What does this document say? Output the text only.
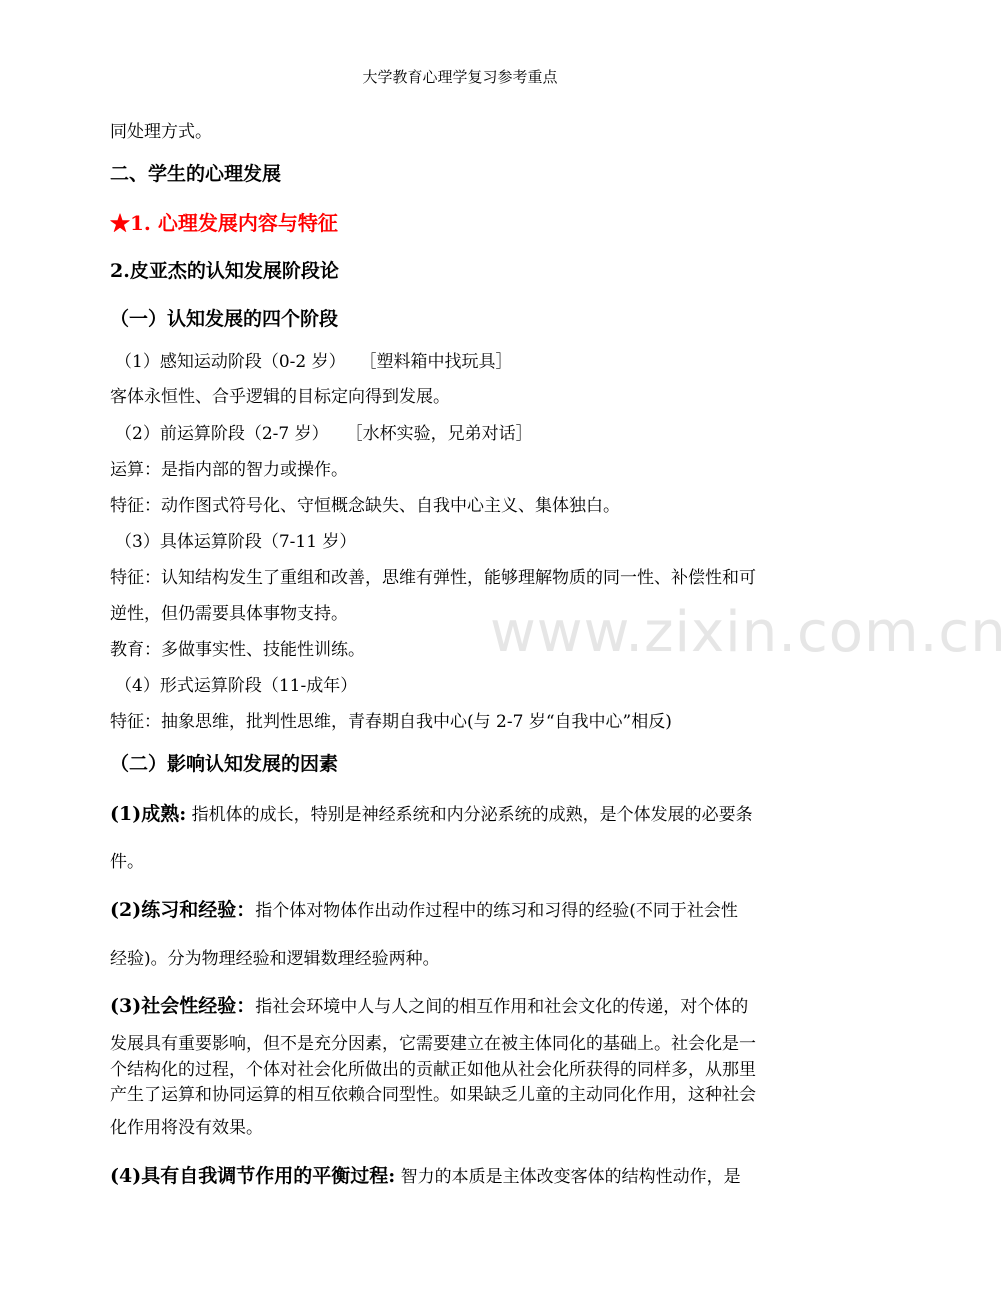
大学教育心理学复习参考重点
www.zixin.com.cn
同处理方式。
二、学生的心理发展
★1. 心理发展内容与特征
2.皮亚杰的认知发展阶段论
（一）认知发展的四个阶段
（1）感知运动阶段（0-2 岁）　 ［塑料箱中找玩具］
客体永恒性、合乎逻辑的目标定向得到发展。
（2）前运算阶段（2-7 岁）　　［水杯实验，兄弟对话］
运算：是指内部的智力或操作。
特征：动作图式符号化、守恒概念缺失、自我中心主义、集体独白。
（3）具体运算阶段（7-11 岁）
特征：认知结构发生了重组和改善，思维有弹性，能够理解物质的同一性、补偿性和可
逆性，但仍需要具体事物支持。
教育：多做事实性、技能性训练。
（4）形式运算阶段（11-成年）
特征：抽象思维，批判性思维，青春期自我中心(与 2-7 岁“自我中心”相反)
（二）影响认知发展的因素
(1)成熟: 指机体的成长，特别是神经系统和内分泌系统的成熟，是个体发展的必要条
件。
(2)练习和经验：指个体对物体作出动作过程中的练习和习得的经验(不同于社会性
经验)。分为物理经验和逻辑数理经验两种。
(3)社会性经验：指社会环境中人与人之间的相互作用和社会文化的传递，对个体的
发展具有重要影响，但不是充分因素，它需要建立在被主体同化的基础上。社会化是一
个结构化的过程，个体对社会化所做出的贡献正如他从社会化所获得的同样多，从那里
产生了运算和协同运算的相互依赖合同型性。如果缺乏儿童的主动同化作用，这种社会
化作用将没有效果。
(4)具有自我调节作用的平衡过程: 智力的本质是主体改变客体的结构性动作，是
